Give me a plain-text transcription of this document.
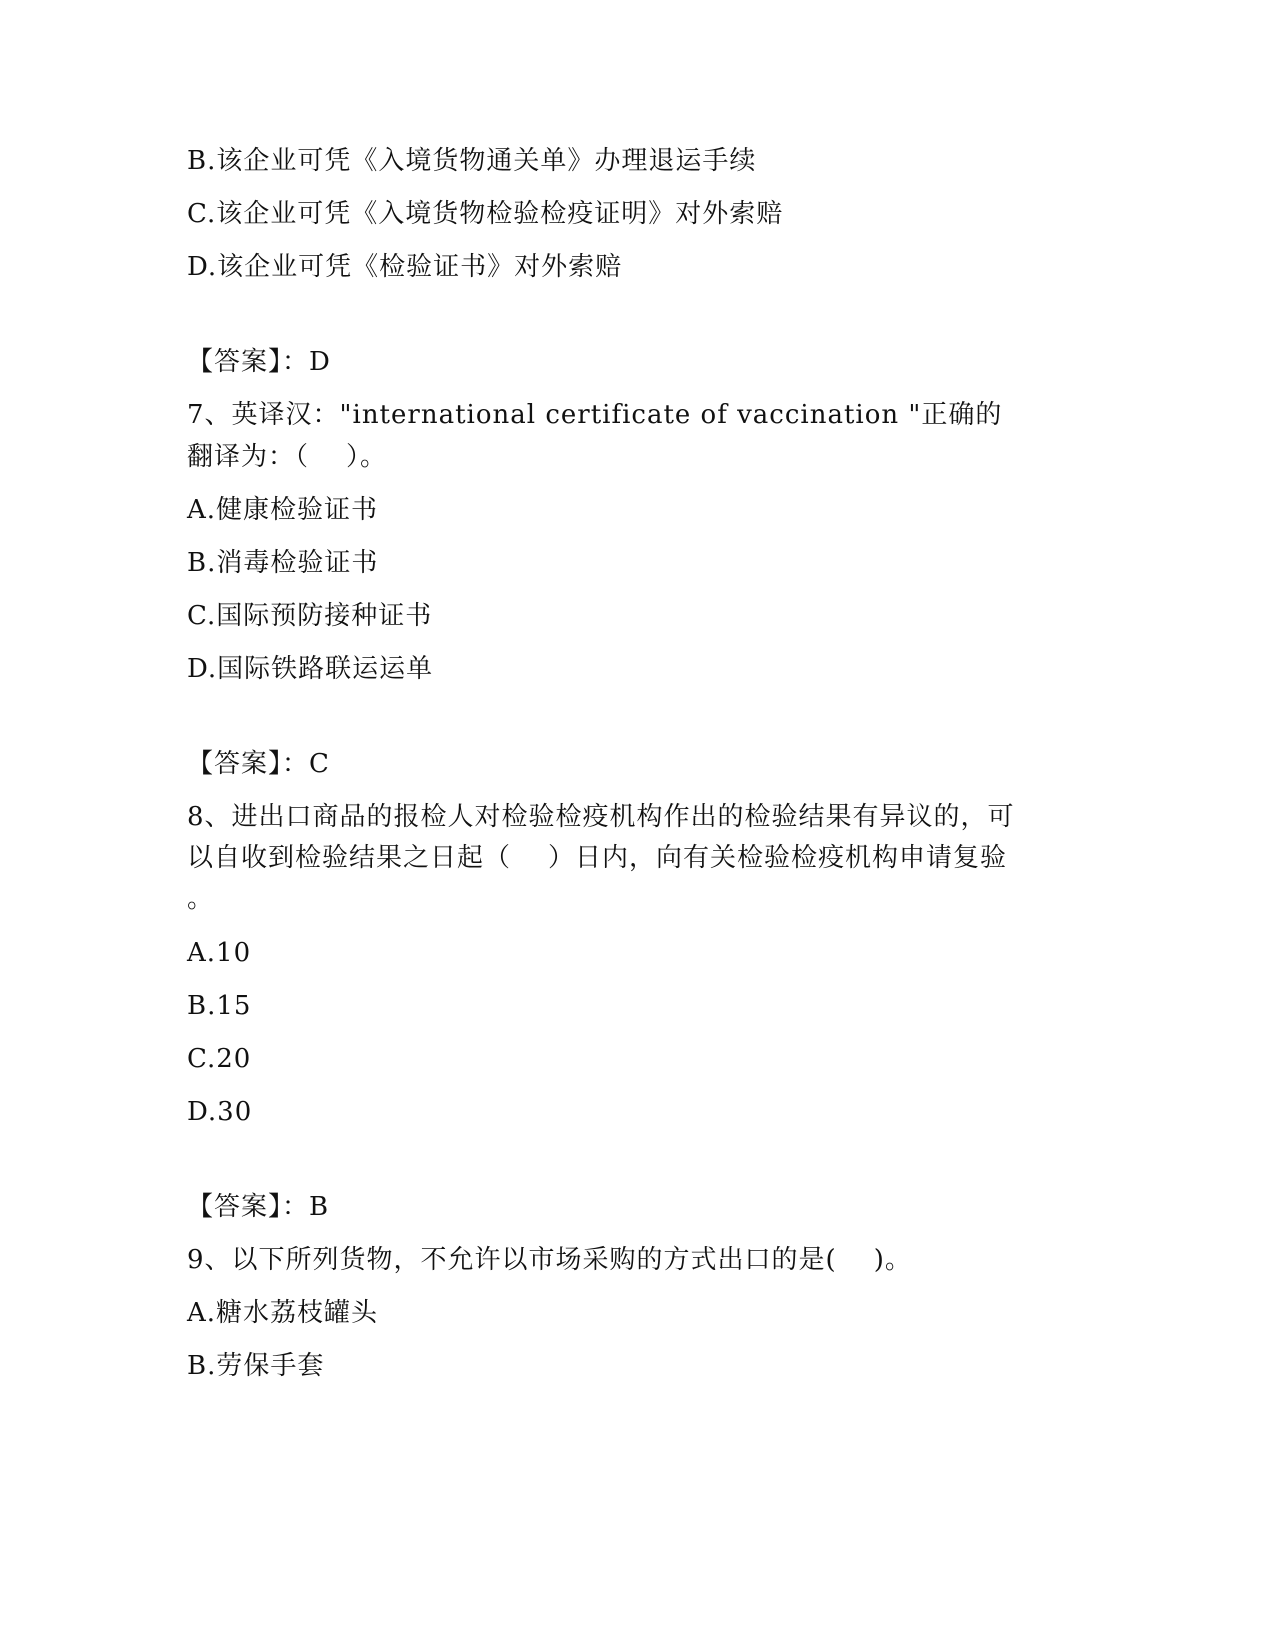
B.该企业可凭《入境货物通关单》办理退运手续
C.该企业可凭《入境货物检验检疫证明》对外索赔
D.该企业可凭《检验证书》对外索赔
【答案】：D
7、英译汉："international certificate of vaccination "正确的
翻译为：（    ）。
A.健康检验证书
B.消毒检验证书
C.国际预防接种证书
D.国际铁路联运运单
【答案】：C
8、进出口商品的报检人对检验检疫机构作出的检验结果有异议的，可
以自收到检验结果之日起（    ）日内，向有关检验检疫机构申请复验
。
A.10
B.15
C.20
D.30
【答案】：B
9、以下所列货物，不允许以市场采购的方式出口的是(    )。
A.糖水荔枝罐头
B.劳保手套
